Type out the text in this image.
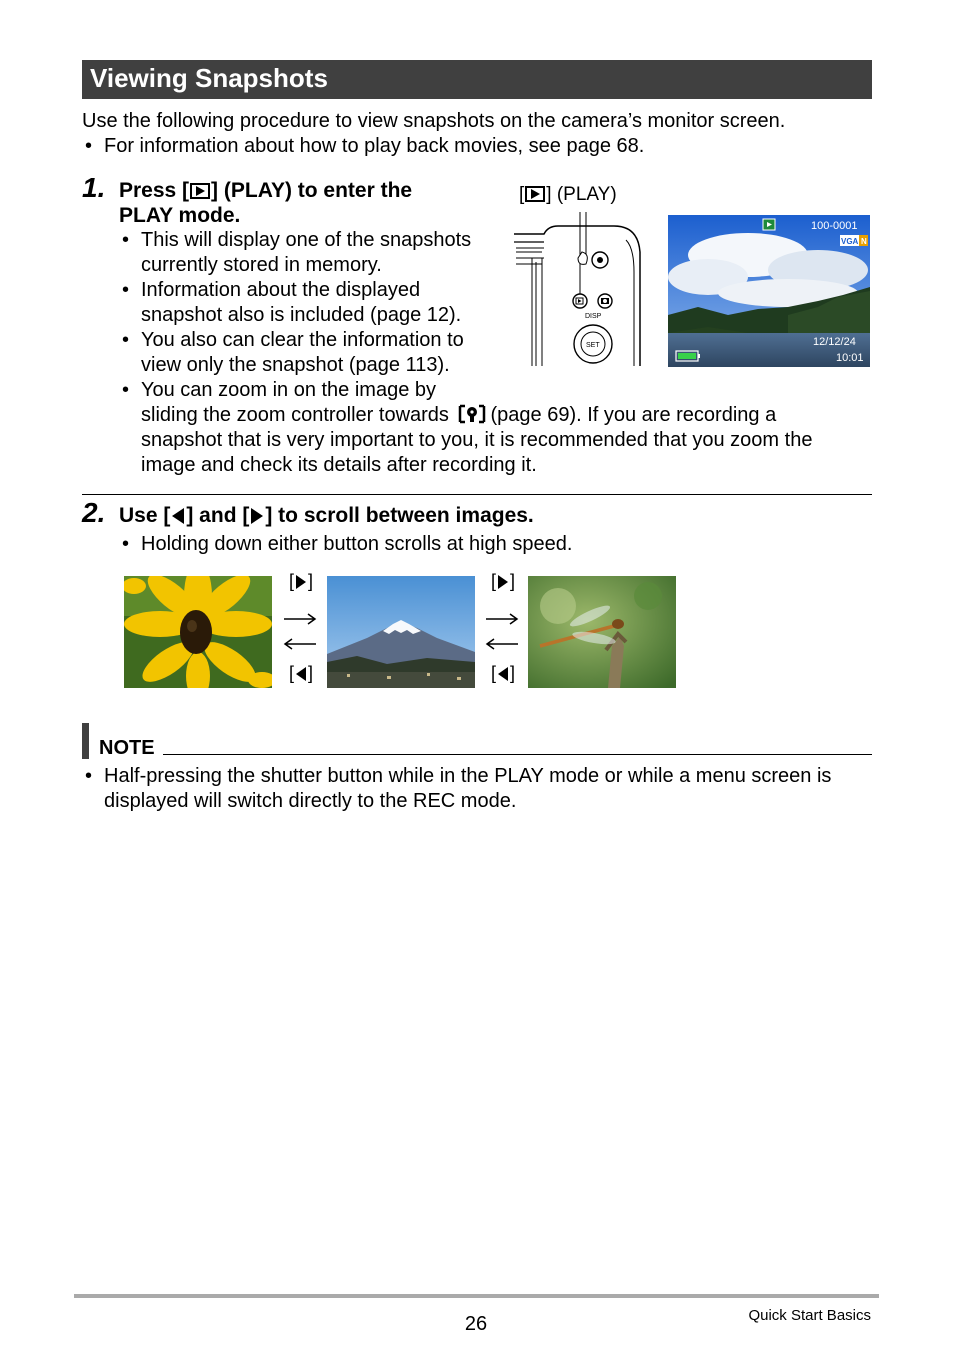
Viewing Snapshots
Use the following procedure to view snapshots on the camera’s monitor screen.
• For information about how to play back movies, see page 68.
1. Press [ ] (PLAY) to enter the
PLAY mode.
• This will display one of the snapshots
currently stored in memory.
• Information about the displayed
snapshot also is included (page 12).
• You also can clear the information to
view only the snapshot (page 113).
• You can zoom in on the image by
sliding the zoom controller towards (page 69). If you are recording a
snapshot that is very important to you, it is recommended that you zoom the
image and check its details after recording it.
[ ] (PLAY)
DISP
SET
100-0001
VGA N
12/12/24
10:01
2. Use [ ] and [ ] to scroll between images.
• Holding down either button scrolls at high speed.
[ ]
[ ]
[ ]
[ ]
NOTE
• Half-pressing the shutter button while in the PLAY mode or while a menu screen is
displayed will switch directly to the REC mode.
26	Quick Start Basics
